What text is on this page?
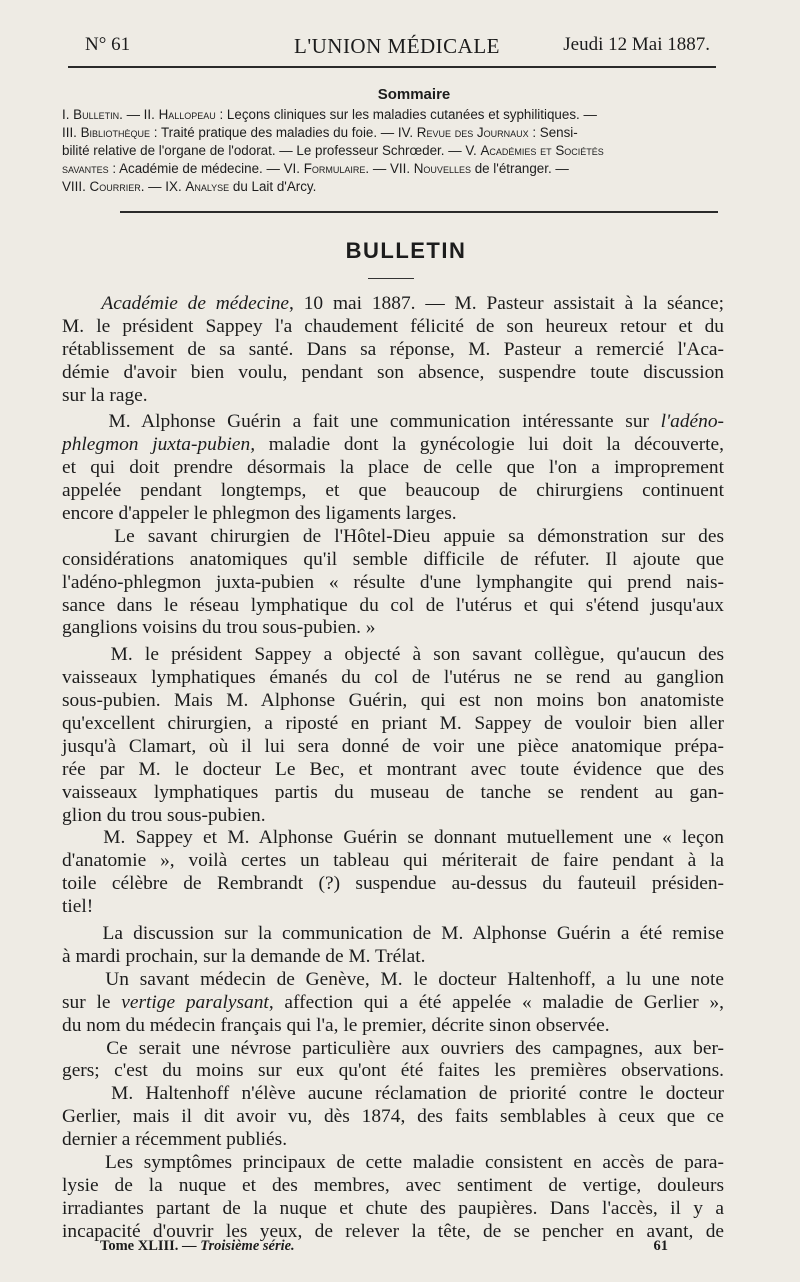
N° 61	L'UNION MÉDICALE	Jeudi 12 Mai 1887.
Sommaire
I. Bulletin. — II. Hallopeau : Leçons cliniques sur les maladies cutanées et syphilitiques. —
III. Bibliothèque : Traité pratique des maladies du foie. — IV. Revue des Journaux : Sensi-
bilité relative de l'organe de l'odorat. — Le professeur Schrœder. — V. Académies et Sociétés
savantes : Académie de médecine. — VI. Formulaire. — VII. Nouvelles de l'étranger. —
VIII. Courrier. — IX. Analyse du Lait d'Arcy.
BULLETIN
Académie de médecine, 10 mai 1887. — M. Pasteur assistait à la séance;
M. le président Sappey l'a chaudement félicité de son heureux retour et du
rétablissement de sa santé. Dans sa réponse, M. Pasteur a remercié l'Aca-
démie d'avoir bien voulu, pendant son absence, suspendre toute discussion
sur la rage.
M. Alphonse Guérin a fait une communication intéressante sur l'adéno-
phlegmon juxta-pubien, maladie dont la gynécologie lui doit la découverte,
et qui doit prendre désormais la place de celle que l'on a improprement
appelée pendant longtemps, et que beaucoup de chirurgiens continuent
encore d'appeler le phlegmon des ligaments larges.
Le savant chirurgien de l'Hôtel-Dieu appuie sa démonstration sur des
considérations anatomiques qu'il semble difficile de réfuter. Il ajoute que
l'adéno-phlegmon juxta-pubien « résulte d'une lymphangite qui prend nais-
sance dans le réseau lymphatique du col de l'utérus et qui s'étend jusqu'aux
ganglions voisins du trou sous-pubien. »
M. le président Sappey a objecté à son savant collègue, qu'aucun des
vaisseaux lymphatiques émanés du col de l'utérus ne se rend au ganglion
sous-pubien. Mais M. Alphonse Guérin, qui est non moins bon anatomiste
qu'excellent chirurgien, a riposté en priant M. Sappey de vouloir bien aller
jusqu'à Clamart, où il lui sera donné de voir une pièce anatomique prépa-
rée par M. le docteur Le Bec, et montrant avec toute évidence que des
vaisseaux lymphatiques partis du museau de tanche se rendent au gan-
glion du trou sous-pubien.
M. Sappey et M. Alphonse Guérin se donnant mutuellement une « leçon
d'anatomie », voilà certes un tableau qui mériterait de faire pendant à la
toile célèbre de Rembrandt (?) suspendue au-dessus du fauteuil présiden-
tiel!
La discussion sur la communication de M. Alphonse Guérin a été remise
à mardi prochain, sur la demande de M. Trélat.
Un savant médecin de Genève, M. le docteur Haltenhoff, a lu une note
sur le vertige paralysant, affection qui a été appelée « maladie de Gerlier »,
du nom du médecin français qui l'a, le premier, décrite sinon observée.
Ce serait une névrose particulière aux ouvriers des campagnes, aux ber-
gers; c'est du moins sur eux qu'ont été faites les premières observations.
M. Haltenhoff n'élève aucune réclamation de priorité contre le docteur
Gerlier, mais il dit avoir vu, dès 1874, des faits semblables à ceux que ce
dernier a récemment publiés.
Les symptômes principaux de cette maladie consistent en accès de para-
lysie de la nuque et des membres, avec sentiment de vertige, douleurs
irradiantes partant de la nuque et chute des paupières. Dans l'accès, il y a
incapacité d'ouvrir les yeux, de relever la tête, de se pencher en avant, de
Tome XLIII. — Troisième série.	61
